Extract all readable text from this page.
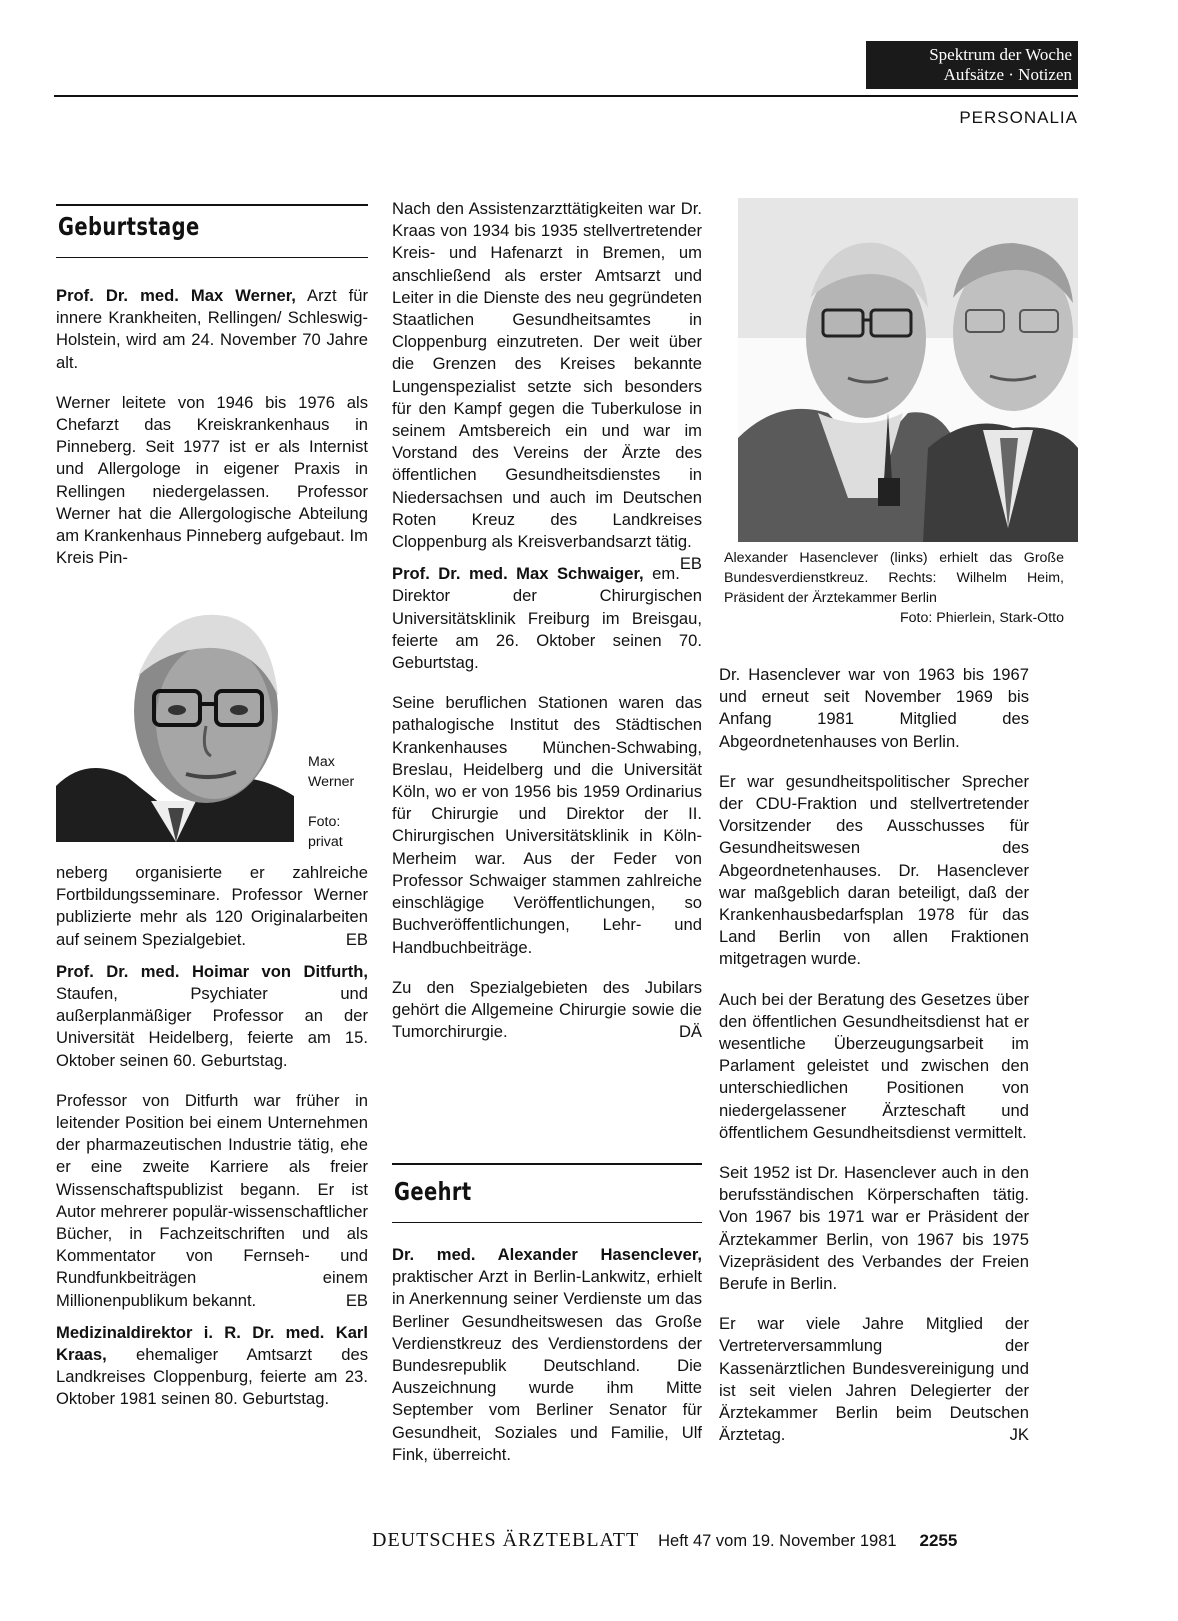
Spektrum der Woche
Aufsätze · Notizen
PERSONALIA
Geburtstage

Prof. Dr. med. Max Werner, Arzt für innere Krankheiten, Rellingen/ Schleswig-Holstein, wird am 24. November 70 Jahre alt.

Werner leitete von 1946 bis 1976 als Chefarzt das Kreiskrankenhaus in Pinneberg. Seit 1977 ist er als Internist und Allergologe in eigener Praxis in Rellingen niedergelassen. Professor Werner hat die Allergologische Abteilung am Krankenhaus Pinneberg aufgebaut. Im Kreis Pin-

Max
Werner
Foto:
privat

neberg organisierte er zahlreiche Fortbildungsseminare. Professor Werner publizierte mehr als 120 Originalarbeiten auf seinem Spezialgebiet.	EB

Prof. Dr. med. Hoimar von Ditfurth, Staufen, Psychiater und außerplanmäßiger Professor an der Universität Heidelberg, feierte am 15. Oktober seinen 60. Geburtstag.

Professor von Ditfurth war früher in leitender Position bei einem Unternehmen der pharmazeutischen Industrie tätig, ehe er eine zweite Karriere als freier Wissenschaftspublizist begann. Er ist Autor mehrerer populär-wissenschaftlicher Bücher, in Fachzeitschriften und als Kommentator von Fernseh- und Rundfunkbeiträgen einem Millionenpublikum bekannt.	EB

Medizinaldirektor i. R. Dr. med. Karl Kraas, ehemaliger Amtsarzt des Landkreises Cloppenburg, feierte am 23. Oktober 1981 seinen 80. Geburtstag.

Nach den Assistenzarzttätigkeiten war Dr. Kraas von 1934 bis 1935 stellvertretender Kreis- und Hafenarzt in Bremen, um anschließend als erster Amtsarzt und Leiter in die Dienste des neu gegründeten Staatlichen Gesundheitsamtes in Cloppenburg einzutreten. Der weit über die Grenzen des Kreises bekannte Lungenspezialist setzte sich besonders für den Kampf gegen die Tuberkulose in seinem Amtsbereich ein und war im Vorstand des Vereins der Ärzte des öffentlichen Gesundheitsdienstes in Niedersachsen und auch im Deutschen Roten Kreuz des Landkreises Cloppenburg als Kreisverbandsarzt tätig.
EB

Prof. Dr. med. Max Schwaiger, em. Direktor der Chirurgischen Universitätsklinik Freiburg im Breisgau, feierte am 26. Oktober seinen 70. Geburtstag.

Seine beruflichen Stationen waren das pathalogische Institut des Städtischen Krankenhauses München-Schwabing, Breslau, Heidelberg und die Universität Köln, wo er von 1956 bis 1959 Ordinarius für Chirurgie und Direktor der II. Chirurgischen Universitätsklinik in Köln-Merheim war. Aus der Feder von Professor Schwaiger stammen zahlreiche einschlägige Veröffentlichungen, so Buchveröffentlichungen, Lehr- und Handbuchbeiträge.

Zu den Spezialgebieten des Jubilars gehört die Allgemeine Chirurgie sowie die Tumorchirurgie.	DÄ

Geehrt

Dr. med. Alexander Hasenclever, praktischer Arzt in Berlin-Lankwitz, erhielt in Anerkennung seiner Verdienste um das Berliner Gesundheitswesen das Große Verdienstkreuz des Verdienstordens der Bundesrepublik Deutschland. Die Auszeichnung wurde ihm Mitte September vom Berliner Senator für Gesundheit, Soziales und Familie, Ulf Fink, überreicht.

Alexander Hasenclever (links) erhielt das Große Bundesverdienstkreuz. Rechts: Wilhelm Heim, Präsident der Ärztekammer Berlin
Foto: Phierlein, Stark-Otto

Dr. Hasenclever war von 1963 bis 1967 und erneut seit November 1969 bis Anfang 1981 Mitglied des Abgeordnetenhauses von Berlin.

Er war gesundheitspolitischer Sprecher der CDU-Fraktion und stellvertretender Vorsitzender des Ausschusses für Gesundheitswesen des Abgeordnetenhauses. Dr. Hasenclever war maßgeblich daran beteiligt, daß der Krankenhausbedarfsplan 1978 für das Land Berlin von allen Fraktionen mitgetragen wurde.

Auch bei der Beratung des Gesetzes über den öffentlichen Gesundheitsdienst hat er wesentliche Überzeugungsarbeit im Parlament geleistet und zwischen den unterschiedlichen Positionen von niedergelassener Ärzteschaft und öffentlichem Gesundheitsdienst vermittelt.

Seit 1952 ist Dr. Hasenclever auch in den berufsständischen Körperschaften tätig. Von 1967 bis 1971 war er Präsident der Ärztekammer Berlin, von 1967 bis 1975 Vizepräsident des Verbandes der Freien Berufe in Berlin.

Er war viele Jahre Mitglied der Vertreterversammlung der Kassenärztlichen Bundesvereinigung und ist seit vielen Jahren Delegierter der Ärztekammer Berlin beim Deutschen Ärztetag.	JK

DEUTSCHES ÄRZTEBLATT Heft 47 vom 19. November 1981 2255
